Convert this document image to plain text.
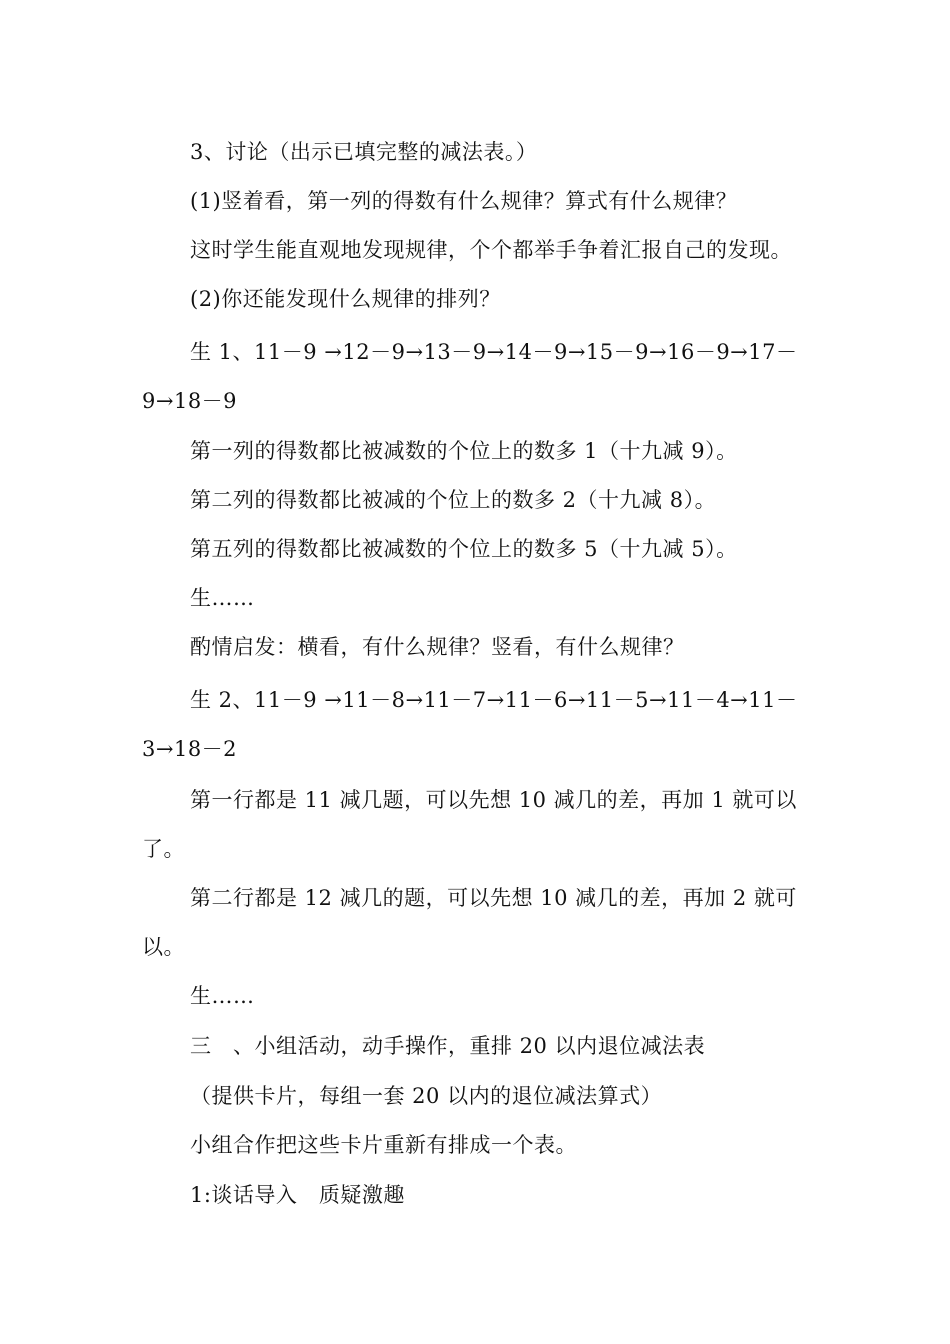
3、讨论（出示已填完整的减法表。）
(1)竖着看，第一列的得数有什么规律？算式有什么规律？
这时学生能直观地发现规律，个个都举手争着汇报自己的发现。
(2)你还能发现什么规律的排列？
生 1、11－9 →12－9→13－9→14－9→15－9→16－9→17－
9→18－9
第一列的得数都比被减数的个位上的数多 1（十九减 9）。
第二列的得数都比被减的个位上的数多 2（十九减 8）。
第五列的得数都比被减数的个位上的数多 5（十九减 5）。
生……
酌情启发：横看，有什么规律？竖看，有什么规律？
生 2、11－9 →11－8→11－7→11－6→11－5→11－4→11－
3→18－2
第一行都是 11 减几题，可以先想 10 减几的差，再加 1 就可以
了。
第二行都是 12 减几的题，可以先想 10 减几的差，再加 2 就可
以。
生……
三　、小组活动，动手操作，重排 20 以内退位减法表
（提供卡片，每组一套 20 以内的退位减法算式）
小组合作把这些卡片重新有排成一个表。
1:谈话导入　质疑激趣
